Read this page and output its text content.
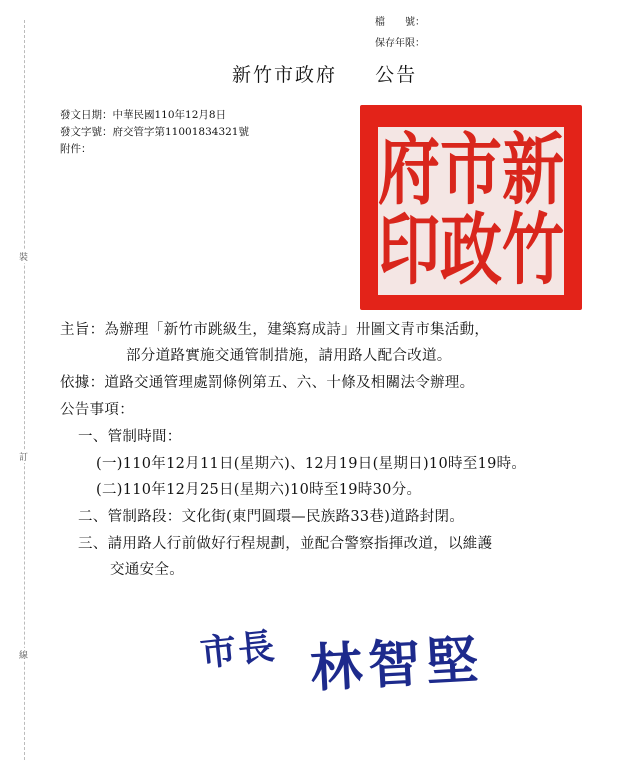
裝
訂
線
檔　　號：
保存年限：
新竹市政府 公告
發文日期：中華民國110年12月8日
發文字號：府交管字第11001834321號
附件：	新
竹
市
政
府
印
主旨：為辦理「新竹市跳級生，建築寫成詩」卅圖文青市集活動，
部分道路實施交通管制措施，請用路人配合改道。
依據：道路交通管理處罰條例第五、六、十條及相關法令辦理。
公告事項：
一、管制時間：
(一)110年12月11日(星期六)、12月19日(星期日)10時至19時。
(二)110年12月25日(星期六)10時至19時30分。
二、管制路段：文化街(東門圓環—民族路33巷)道路封閉。
三、請用路人行前做好行程規劃，並配合警察指揮改道，以維護
交通安全。
市長 林智堅
